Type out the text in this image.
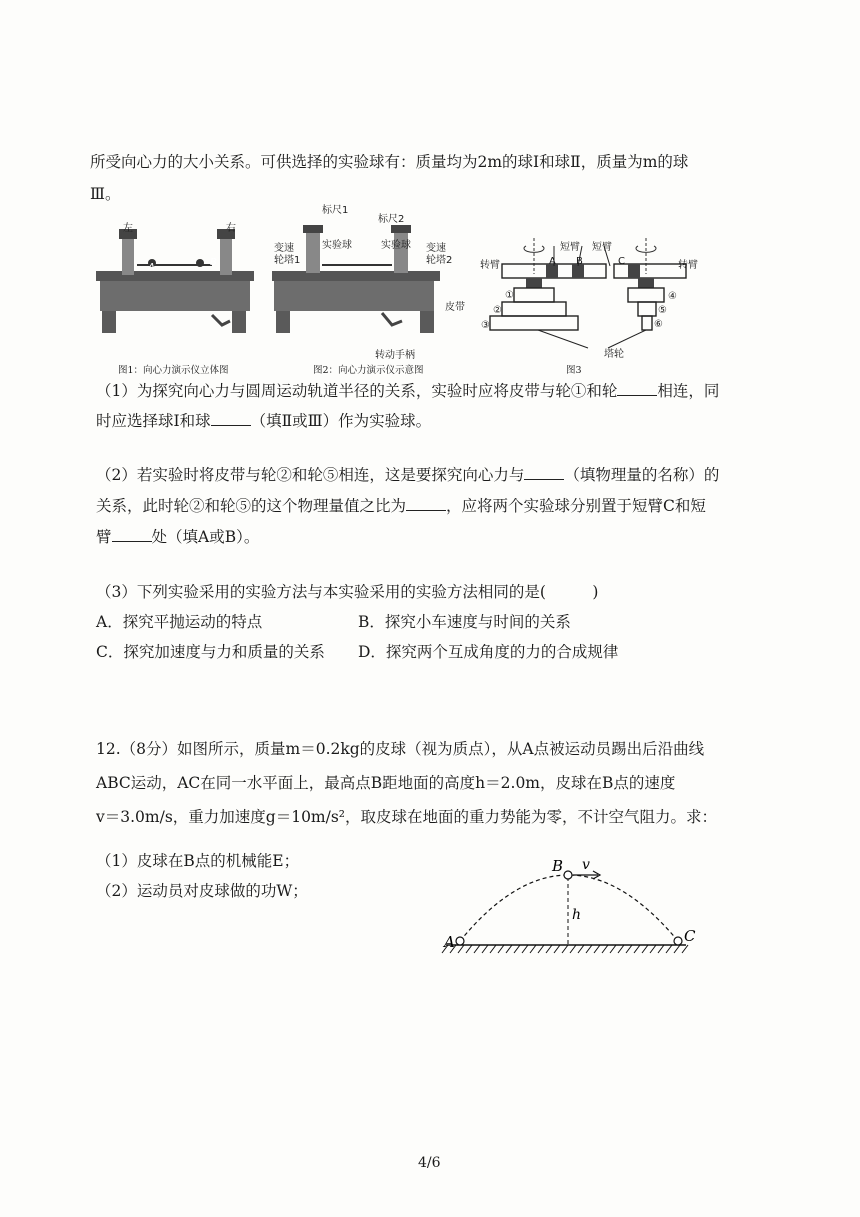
所受向心力的大小关系。可供选择的实验球有：质量均为2m的球Ⅰ和球Ⅱ，质量为m的球
Ⅲ。
左	右
A	B
图1：向心力演示仪立体图
标尺1
标尺2
实验球	实验球
变速
轮塔1
变速
轮塔2
皮带
转动手柄
图2：向心力演示仪示意图
转臂	转臂
短臂 短臂
A B	C
①
②
③
④
⑤
⑥
塔轮
图3
（1）为探究向心力与圆周运动轨道半径的关系，实验时应将皮带与轮①和轮	相连，同
时应选择球Ⅰ和球	（填Ⅱ或Ⅲ）作为实验球。
（2）若实验时将皮带与轮②和轮⑤相连，这是要探究向心力与	（填物理量的名称）的
关系，此时轮②和轮⑤的这个物理量值之比为	，应将两个实验球分别置于短臂C和短
臂	处（填A或B）。
（3）下列实验采用的实验方法与本实验采用的实验方法相同的是(　　　)
A．探究平抛运动的特点	B．探究小车速度与时间的关系
C．探究加速度与力和质量的关系 D．探究两个互成角度的力的合成规律
12.（8分）如图所示，质量m＝0.2kg的皮球（视为质点），从A点被运动员踢出后沿曲线
ABC运动，AC在同一水平面上，最高点B距地面的高度h＝2.0m，皮球在B点的速度
v＝3.0m/s，重力加速度g＝10m/s²，取皮球在地面的重力势能为零，不计空气阻力。求：
（1）皮球在B点的机械能E；
（2）运动员对皮球做的功W；
A	C
B v
h
4/6
